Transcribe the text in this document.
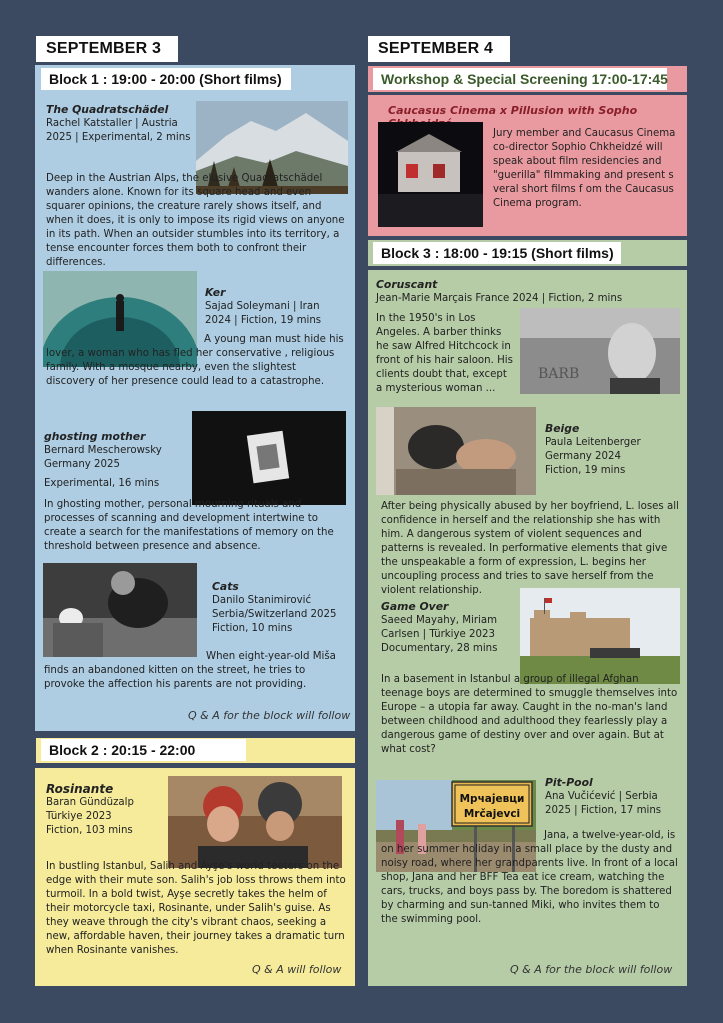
SEPTEMBER 3
Block 1 : 19:00 - 20:00 (Short films)
The Quadratschädel
Rachel Katstaller | Austria
2025 | Experimental, 2 mins
Deep in the Austrian Alps, the elusive Quadratschädel wanders alone. Known for its square head and even squarer opinions, the creature rarely shows itself, and when it does, it is only to impose its rigid views on anyone in its path. When an outsider stumbles into its territory, a tense encounter forces them both to confront their differences.
Ker
Sajad Soleymani | Iran
2024 | Fiction, 19 mins
A young man must hide his lover, a woman who has fled her conservative , religious family. With a mosque nearby, even the slightest discovery of her presence could lead to a catastrophe.
ghosting mother
Bernard Mescherowsky
Germany 2025
Experimental, 16 mins
In ghosting mother, personal mourning rituals and processes of scanning and development intertwine to create a search for the manifestations of memory on the threshold between presence and absence.
Cats
Danilo Stanimirović
Serbia/Switzerland 2025
Fiction, 10 mins
When eight-year-old Miša finds an abandoned kitten on the street, he tries to provoke the affection his parents are not providing.
Q & A for the block will follow
Block 2 : 20:15 - 22:00
Rosinante
Baran Gündüzalp
Türkiye 2023
Fiction, 103 mins
In bustling Istanbul, Salih and Ayşe's world teeters on the edge with their mute son. Salih's job loss throws them into turmoil. In a bold twist, Ayşe secretly takes the helm of their motorcycle taxi, Rosinante, under Salih's guise. As they weave through the city's vibrant chaos, seeking a new, affordable haven, their journey takes a dramatic turn when Rosinante vanishes.
Q & A will follow
SEPTEMBER 4
Workshop & Special Screening 17:00-17:45
Caucasus Cinema x Pillusion with Sopho
Jury member and Caucasus Cinema co-director Sophio Chkheidzé will speak about film residencies and "guerilla" filmmaking and present s veral short films f om the Caucasus Cinema program.
Block 3 : 18:00 - 19:15 (Short films)
Coruscant
Jean-Marie Marçais France 2024 | Fiction, 2 mins
BARB
In the 1950's in Los Angeles. A barber thinks he saw Alfred Hitchcock in front of his hair saloon. His clients doubt that, except a mysterious woman ...
Beige
Paula Leitenberger
Germany 2024
Fiction, 19 mins
After being physically abused by her boyfriend, L. loses all confidence in herself and the relationship she has with him. A dangerous system of violent sequences and patterns is revealed. In performative elements that give the unspeakable a form of expression, L. begins her uncoupling process and tries to save herself from the violent relationship.
Game Over
Saeed Mayahy, Miriam
Carlsen | Türkiye 2023
Documentary, 28 mins
In a basement in Istanbul a group of illegal Afghan teenage boys are determined to smuggle themselves into Europe – a utopia far away. Caught in the no-man's land between childhood and adulthood they fearlessly play a dangerous game of destiny over and over again. But at what cost?
Мрчајевци
Mrčajevci
Pit-Pool
Ana Vučićević | Serbia
2025 | Fiction, 17 mins
Jana, a twelve-year-old, is on her summer holiday in a small place by the dusty and noisy road, where her grandparents live. In front of a local shop, Jana and her BFF Tea eat ice cream, watching the cars, trucks, and boys pass by. The boredom is shattered by charming and sun-tanned Miki, who invites them to the swimming pool.
Q & A for the block will follow
